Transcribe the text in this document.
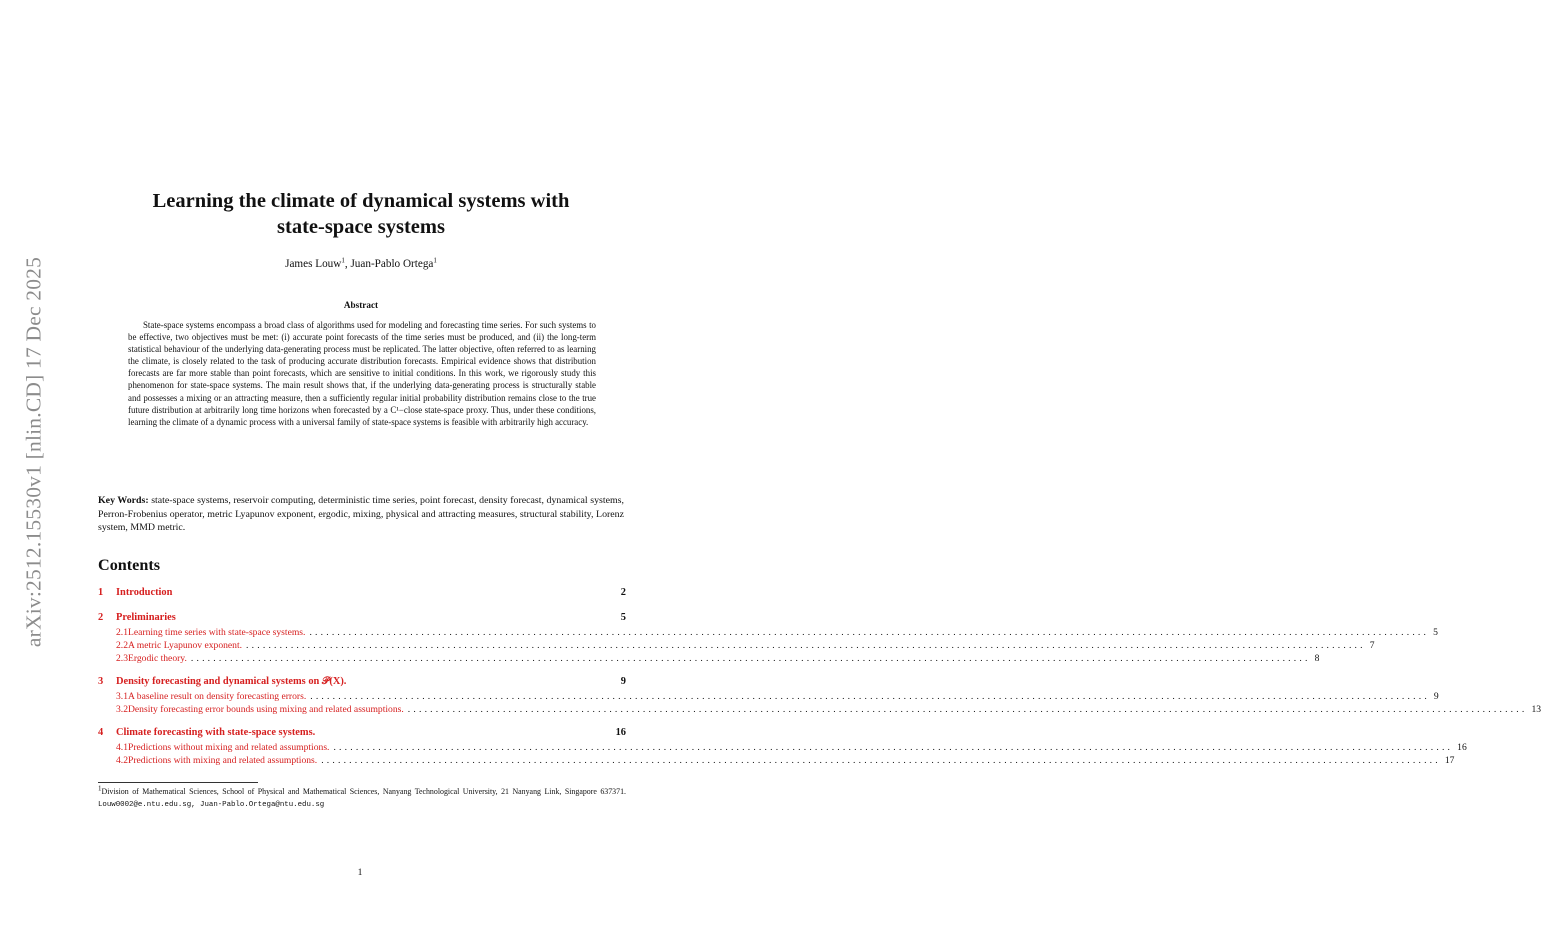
arXiv:2512.15530v1 [nlin.CD] 17 Dec 2025
Learning the climate of dynamical systems with
state-space systems
James Louw$^1$, Juan-Pablo Ortega$^1$
Abstract
State-space systems encompass a broad class of algorithms used for modeling and forecasting time series. For such systems to be effective, two objectives must be met: (i) accurate point forecasts of the time series must be produced, and (ii) the long-term statistical behaviour of the underlying data-generating process must be replicated. The latter objective, often referred to as learning the climate, is closely related to the task of producing accurate distribution forecasts. Empirical evidence shows that distribution forecasts are far more stable than point forecasts, which are sensitive to initial conditions. In this work, we rigorously study this phenomenon for state-space systems. The main result shows that, if the underlying data-generating process is structurally stable and possesses a mixing or an attracting measure, then a sufficiently regular initial probability distribution remains close to the true future distribution at arbitrarily long time horizons when forecasted by a C¹−close state-space proxy. Thus, under these conditions, learning the climate of a dynamic process with a universal family of state-space systems is feasible with arbitrarily high accuracy.
Key Words: state-space systems, reservoir computing, deterministic time series, point forecast, density forecast, dynamical systems, Perron-Frobenius operator, metric Lyapunov exponent, ergodic, mixing, physical and attracting measures, structural stability, Lorenz system, MMD metric.
Contents
1	Introduction	2
2	Preliminaries	5
2.1 Learning time series with state-space systems. ........................................................................................................................................................................................................ 5
2.2 A metric Lyapunov exponent. ........................................................................................................................................................................................................ 7
2.3 Ergodic theory. ........................................................................................................................................................................................................ 8
3	Density forecasting and dynamical systems on 𝒫(X).	9
3.1 A baseline result on density forecasting errors. ........................................................................................................................................................................................................ 9
3.2 Density forecasting error bounds using mixing and related assumptions. ........................................................................................................................................................................................................ 13
4	Climate forecasting with state-space systems.	16
4.1 Predictions without mixing and related assumptions. ........................................................................................................................................................................................................ 16
4.2 Predictions with mixing and related assumptions. ........................................................................................................................................................................................................ 17
$^1$Division of Mathematical Sciences, School of Physical and Mathematical Sciences, Nanyang Technological University, 21 Nanyang Link, Singapore 637371. Louw0002@e.ntu.edu.sg, Juan-Pablo.Ortega@ntu.edu.sg
1
